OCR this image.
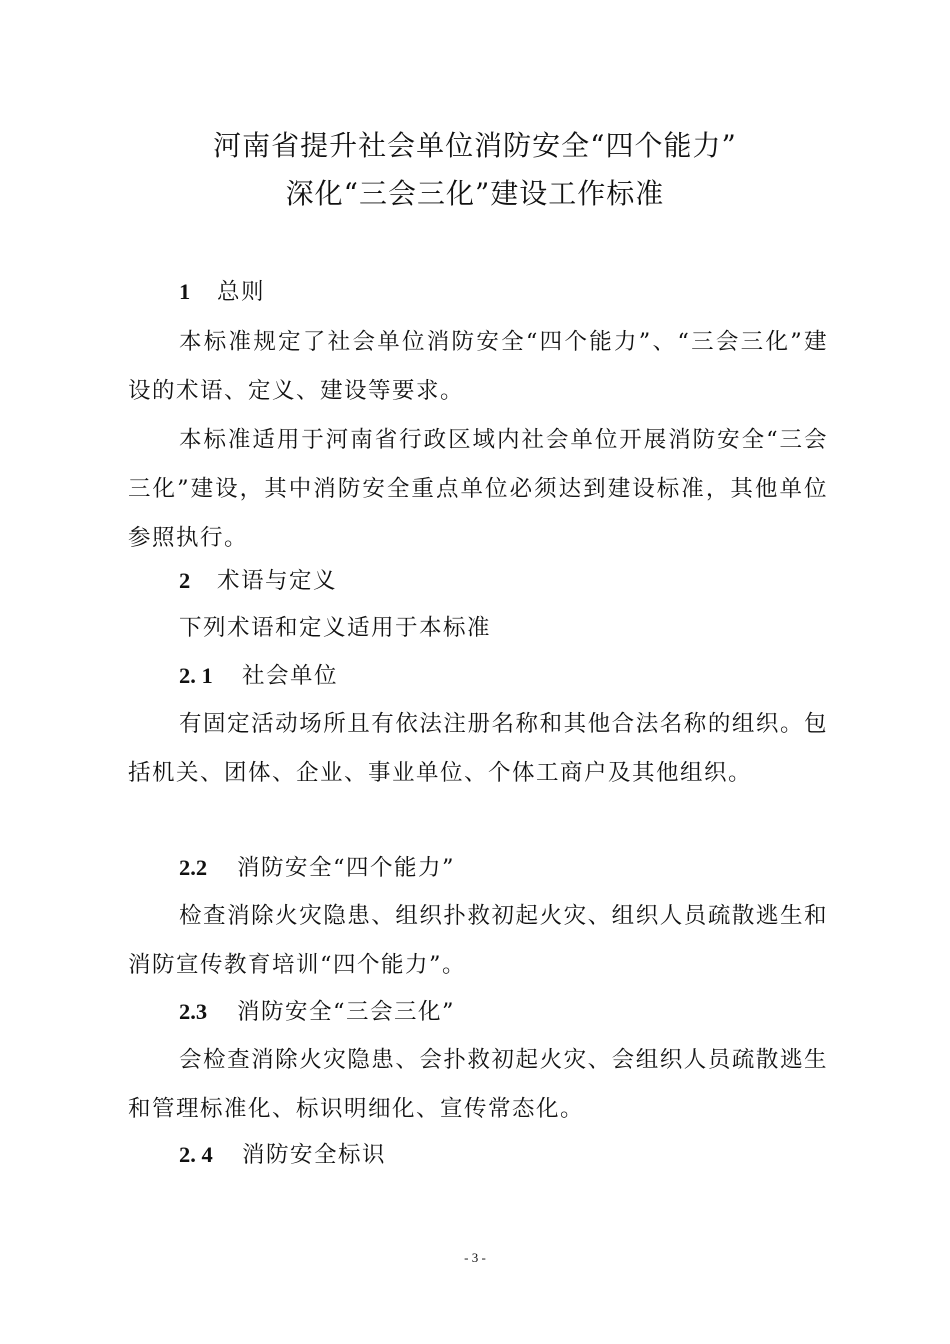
河南省提升社会单位消防安全“四个能力”
深化“三会三化”建设工作标准
1 总则
本标准规定了社会单位消防安全“四个能力”、“三会三化”建设的术语、定义、建设等要求。
本标准适用于河南省行政区域内社会单位开展消防安全“三会三化”建设，其中消防安全重点单位必须达到建设标准，其他单位参照执行。
2 术语与定义
下列术语和定义适用于本标准
2. 1 社会单位
有固定活动场所且有依法注册名称和其他合法名称的组织。包括机关、团体、企业、事业单位、个体工商户及其他组织。
2.2 消防安全“四个能力”
检查消除火灾隐患、组织扑救初起火灾、组织人员疏散逃生和消防宣传教育培训“四个能力”。
2.3 消防安全“三会三化”
会检查消除火灾隐患、会扑救初起火灾、会组织人员疏散逃生和管理标准化、标识明细化、宣传常态化。
2. 4 消防安全标识
- 3 -
